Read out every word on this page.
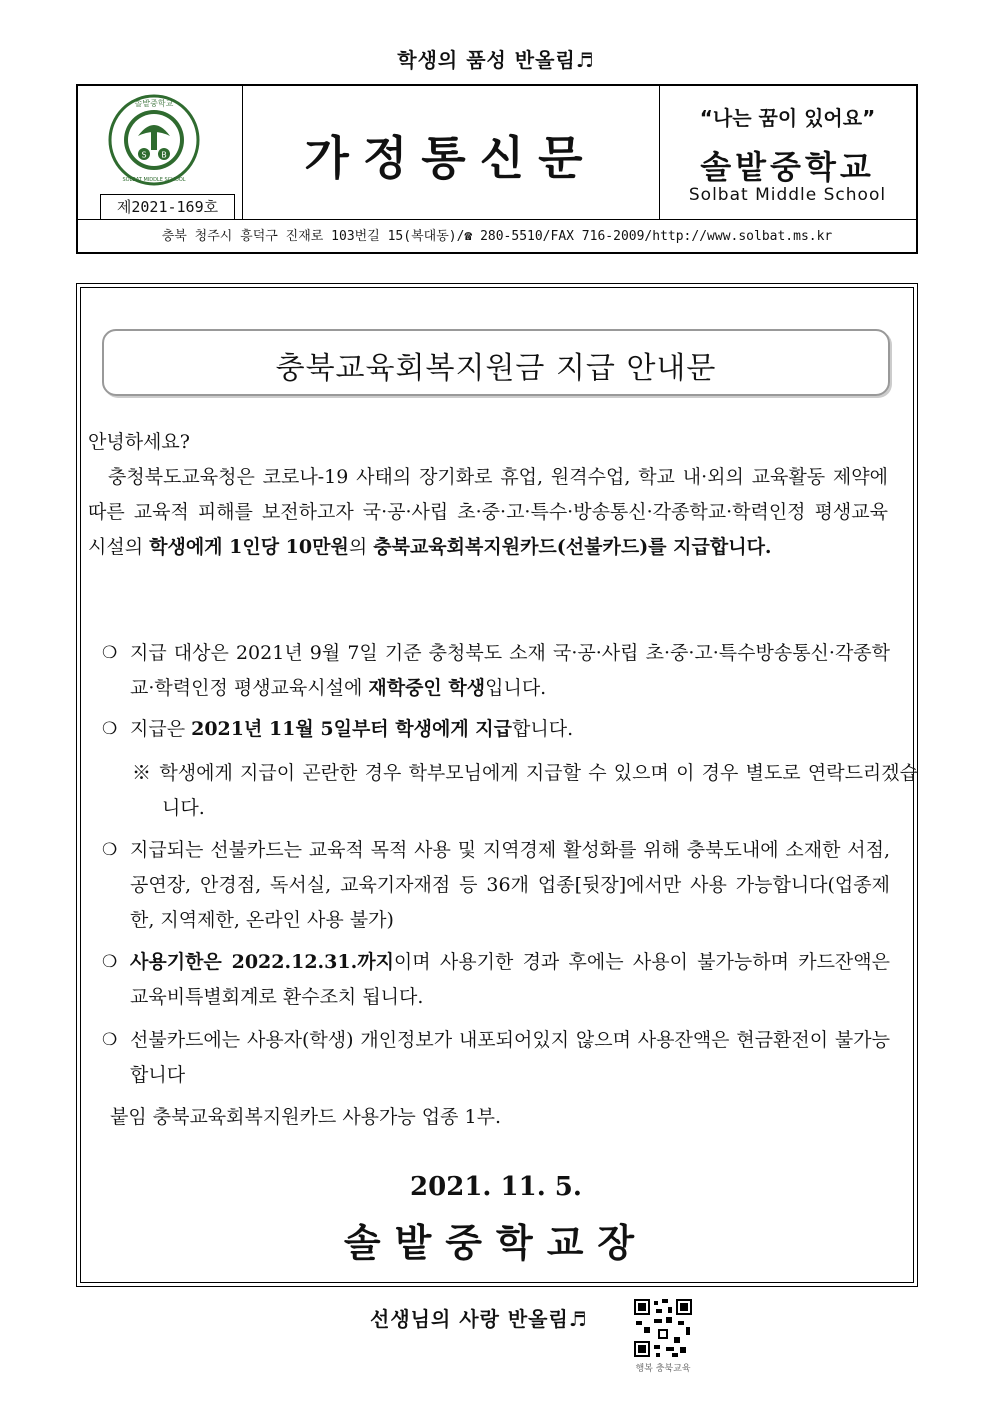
학생의 품성 반올림♬
S B
솔밭중학교
SOLBAT MIDDLE SCHOOL
제2021-169호
가정통신문
“나는 꿈이 있어요”
솔밭중학교
Solbat Middle School
충북 청주시 흥덕구 진재로 103번길 15(복대동)/☎ 280-5510/FAX 716-2009/http://www.solbat.ms.kr
충북교육회복지원금 지급 안내문
안녕하세요?
충청북도교육청은 코로나-19 사태의 장기화로 휴업, 원격수업, 학교 내·외의 교육활동 제약에 따른 교육적 피해를 보전하고자 국·공·사립 초·중·고·특수·방송통신·각종학교·학력인정 평생교육시설의 학생에게 1인당 10만원의 충북교육회복지원카드(선불카드)를 지급합니다.
❍ 지급 대상은 2021년 9월 7일 기준 충청북도 소재 국·공·사립 초·중·고·특수방송통신·각종학교·학력인정 평생교육시설에 재학중인 학생입니다.
❍ 지급은 2021년 11월 5일부터 학생에게 지급합니다.
※ 학생에게 지급이 곤란한 경우 학부모님에게 지급할 수 있으며 이 경우 별도로 연락드리겠습니다.
❍ 지급되는 선불카드는 교육적 목적 사용 및 지역경제 활성화를 위해 충북도내에 소재한 서점, 공연장, 안경점, 독서실, 교육기자재점 등 36개 업종[뒷장]에서만 사용 가능합니다(업종제한, 지역제한, 온라인 사용 불가)
❍ 사용기한은 2022.12.31.까지이며 사용기한 경과 후에는 사용이 불가능하며 카드잔액은 교육비특별회계로 환수조치 됩니다.
❍ 선불카드에는 사용자(학생) 개인정보가 내포되어있지 않으며 사용잔액은 현금환전이 불가능 합니다
붙임 충북교육회복지원카드 사용가능 업종 1부.
2021. 11. 5.
솔밭중학교장
선생님의 사랑 반올림♬
행복 충북교육
